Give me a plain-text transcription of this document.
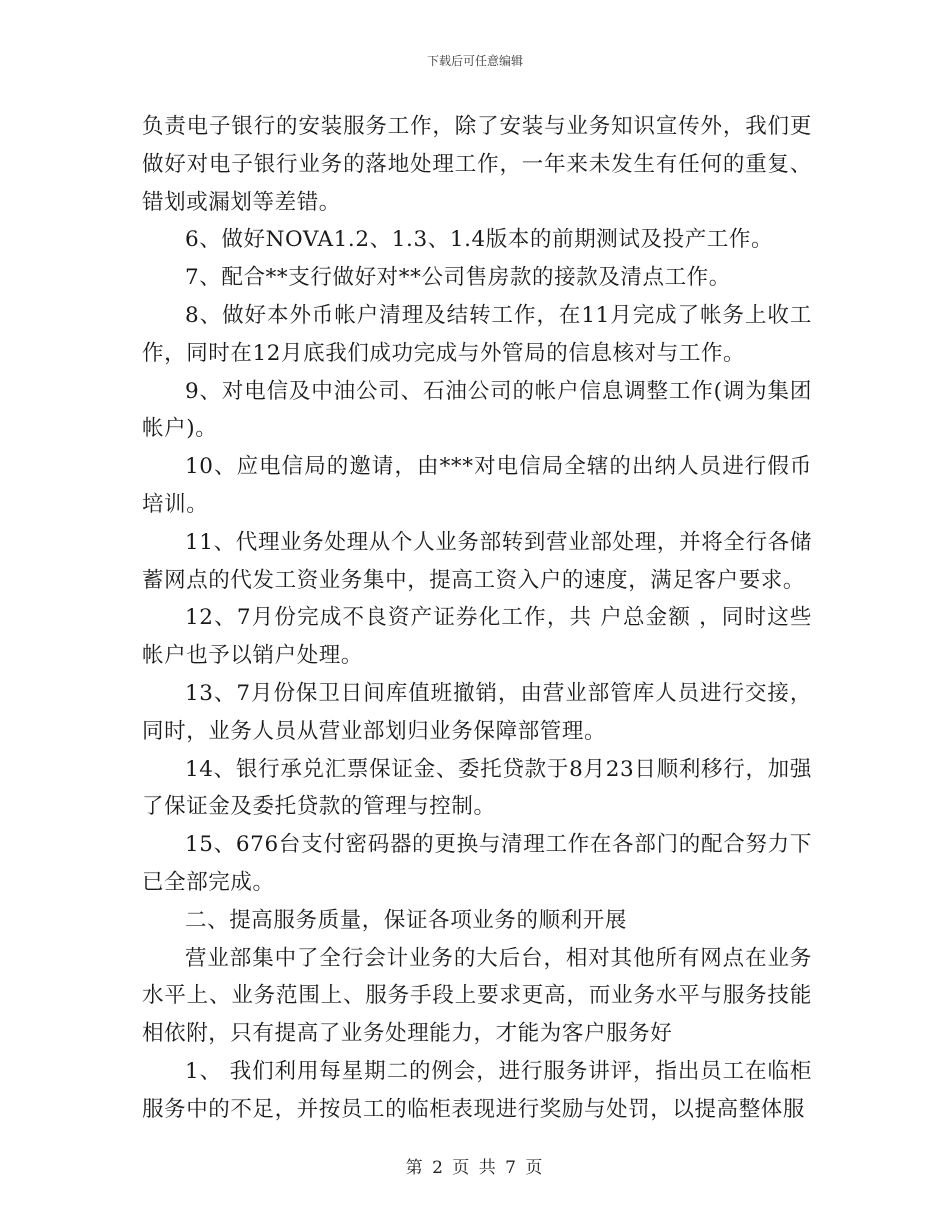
下载后可任意编辑

负责电子银行的安装服务工作，除了安装与业务知识宣传外，我们更做好对电子银行业务的落地处理工作，一年来未发生有任何的重复、错划或漏划等差错。

6、做好NOVA1.2、1.3、1.4版本的前期测试及投产工作。

7、配合**支行做好对**公司售房款的接款及清点工作。

8、做好本外币帐户清理及结转工作，在11月完成了帐务上收工作，同时在12月底我们成功完成与外管局的信息核对与工作。

9、对电信及中油公司、石油公司的帐户信息调整工作(调为集团帐户)。

10、应电信局的邀请，由***对电信局全辖的出纳人员进行假币培训。

11、代理业务处理从个人业务部转到营业部处理，并将全行各储蓄网点的代发工资业务集中，提高工资入户的速度，满足客户要求。

12、7月份完成不良资产证券化工作，共 户总金额 ，同时这些帐户也予以销户处理。

13、7月份保卫日间库值班撤销，由营业部管库人员进行交接，同时，业务人员从营业部划归业务保障部管理。

14、银行承兑汇票保证金、委托贷款于8月23日顺利移行，加强了保证金及委托贷款的管理与控制。

15、676台支付密码器的更换与清理工作在各部门的配合努力下已全部完成。

二、提高服务质量，保证各项业务的顺利开展

营业部集中了全行会计业务的大后台，相对其他所有网点在业务水平上、业务范围上、服务手段上要求更高，而业务水平与服务技能相依附，只有提高了业务处理能力，才能为客户服务好

1、 我们利用每星期二的例会，进行服务讲评，指出员工在临柜服务中的不足，并按员工的临柜表现进行奖励与处罚，以提高整体服

第 2 页 共 7 页
